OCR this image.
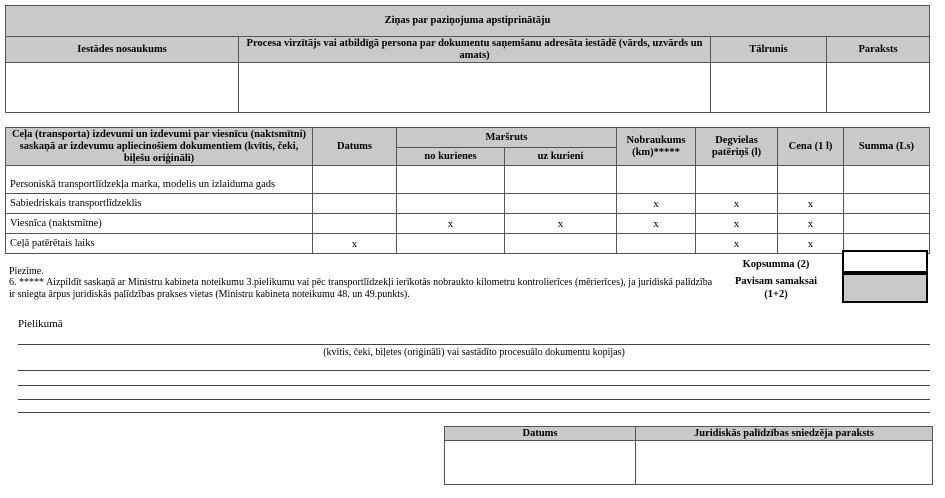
Ziņas par paziņojuma apstiprinātāju			
Iestādes nosaukums	Procesa virzītājs vai atbildīgā persona par dokumentu saņemšanu adresāta iestādē (vārds, uzvārds un amats)	Tālrunis	Paraksts

Ceļa (transporta) izdevumi un izdevumi par viesnīcu (naktsmītni) saskaņā ar izdevumu apliecinošiem dokumentiem (kvītis, čeki, biļešu oriģināli)	Datums	Maršruts		Nobraukums (km)*****	Degvielas patēriņš (l)	Cena (1 l)	Summa (Ls)
		no kurienes	uz kurieni				
Personiskā transportlīdzekļa marka, modelis un izlaiduma gads							
Sabiedriskais transportlīdzeklis				x	x	x	
Viesnīca (naktsmītne)		x	x	x	x	x	
Ceļā patērētais laiks	x				x	x	
Piezīme.
6. ***** Aizpildīt saskaņā ar Ministru kabineta noteikumu 3.pielikumu vai pēc transportlīdzekļi ierīkotās nobraukto kilometru kontrolierīces (mērierīces), ja juridiskā palīdzība ir sniegta ārpus juridiskās palīdzības prakses vietas (Ministru kabineta noteikumu 48. un 49.punkts).
Kopsumma (2)
Pavisam samaksai (1+2)
Pielikumā
(kvītis, čeki, biļetes (oriģināli) vai sastādīto procesuālo dokumentu kopijas)
Datums	Juridiskās palīdzības sniedzēja paraksts
